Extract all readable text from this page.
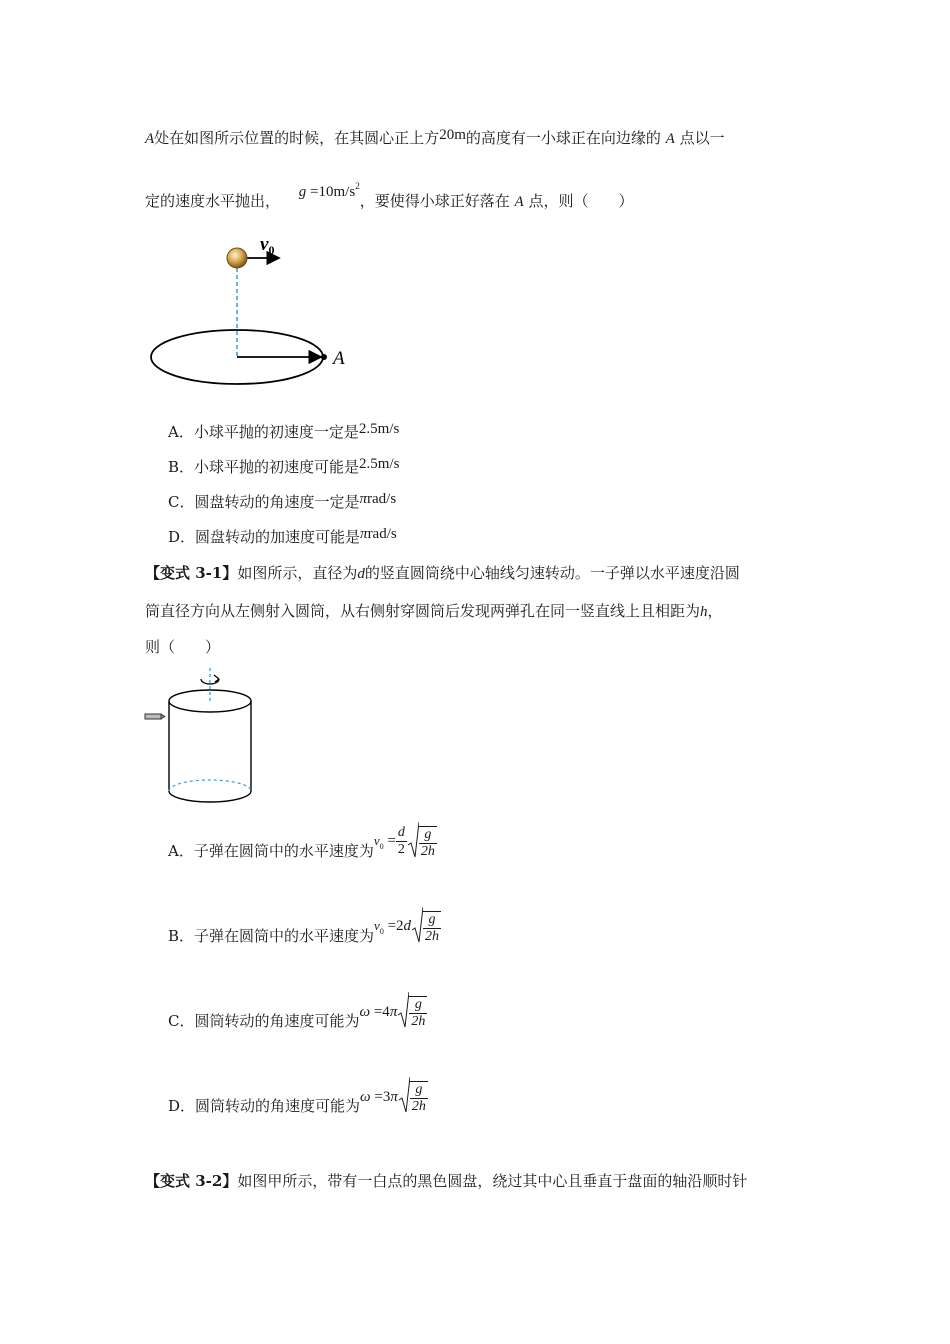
A处在如图所示位置的时候，在其圆心正上方20m的高度有一小球正在向边缘的 A 点以一
定的速度水平抛出， $g =10m/s^2$，要使得小球正好落在 A 点，则（　　）
$v_0$
A
A．小球平抛的初速度一定是2.5m/s
B．小球平抛的初速度可能是2.5m/s
C．圆盘转动的角速度一定是πrad/s
D．圆盘转动的加速度可能是πrad/s
【变式 3-1】如图所示，直径为d的竖直圆筒绕中心轴线匀速转动。一子弹以水平速度沿圆
筒直径方向从左侧射入圆筒，从右侧射穿圆筒后发现两弹孔在同一竖直线上且相距为h，
则（　　）
A．子弹在圆筒中的水平速度为$v_0 = \frac{d}{2} \frac{g}{2h}$
B．子弹在圆筒中的水平速度为$v_0 =2d \frac{g}{2h}$
C．圆筒转动的角速度可能为$\omega =4\pi \frac{g}{2h}$
D．圆筒转动的角速度可能为$\omega =3\pi \frac{g}{2h}$
【变式 3-2】如图甲所示，带有一白点的黑色圆盘，绕过其中心且垂直于盘面的轴沿顺时针
